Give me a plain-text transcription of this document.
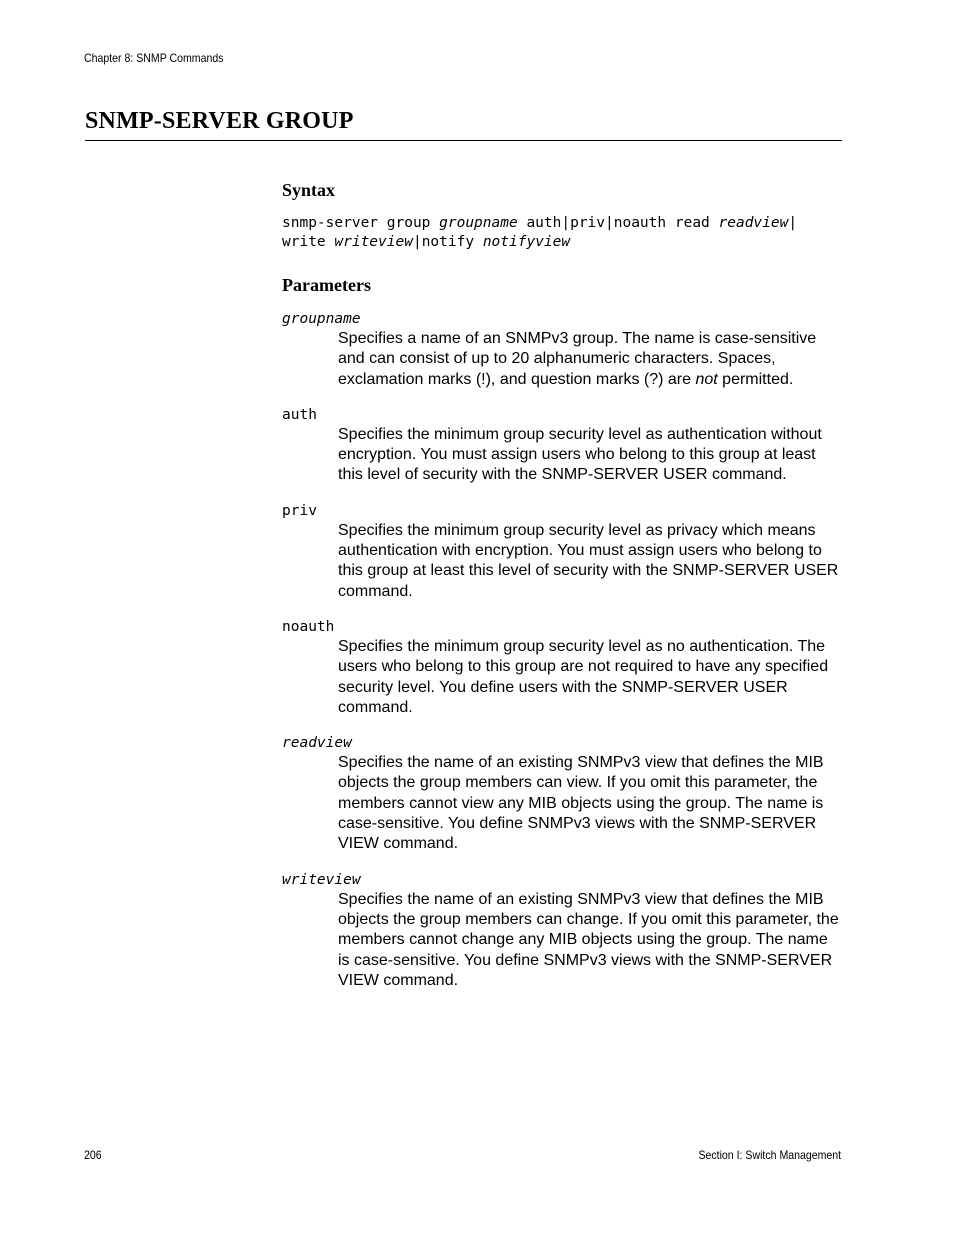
Chapter 8: SNMP Commands
SNMP-SERVER GROUP
Syntax
snmp-server group groupname auth|priv|noauth read readview|
write writeview|notify notifyview
Parameters
groupname
Specifies a name of an SNMPv3 group. The name is case-sensitive and can consist of up to 20 alphanumeric characters. Spaces, exclamation marks (!), and question marks (?) are not permitted.
auth
Specifies the minimum group security level as authentication without encryption. You must assign users who belong to this group at least this level of security with the SNMP-SERVER USER command.
priv
Specifies the minimum group security level as privacy which means authentication with encryption. You must assign users who belong to this group at least this level of security with the SNMP-SERVER USER command.
noauth
Specifies the minimum group security level as no authentication. The users who belong to this group are not required to have any specified security level. You define users with the SNMP-SERVER USER command.
readview
Specifies the name of an existing SNMPv3 view that defines the MIB objects the group members can view. If you omit this parameter, the members cannot view any MIB objects using the group. The name is case-sensitive. You define SNMPv3 views with the SNMP-SERVER VIEW command.
writeview
Specifies the name of an existing SNMPv3 view that defines the MIB objects the group members can change. If you omit this parameter, the members cannot change any MIB objects using the group. The name is case-sensitive. You define SNMPv3 views with the SNMP-SERVER VIEW command.
206	Section I: Switch Management
